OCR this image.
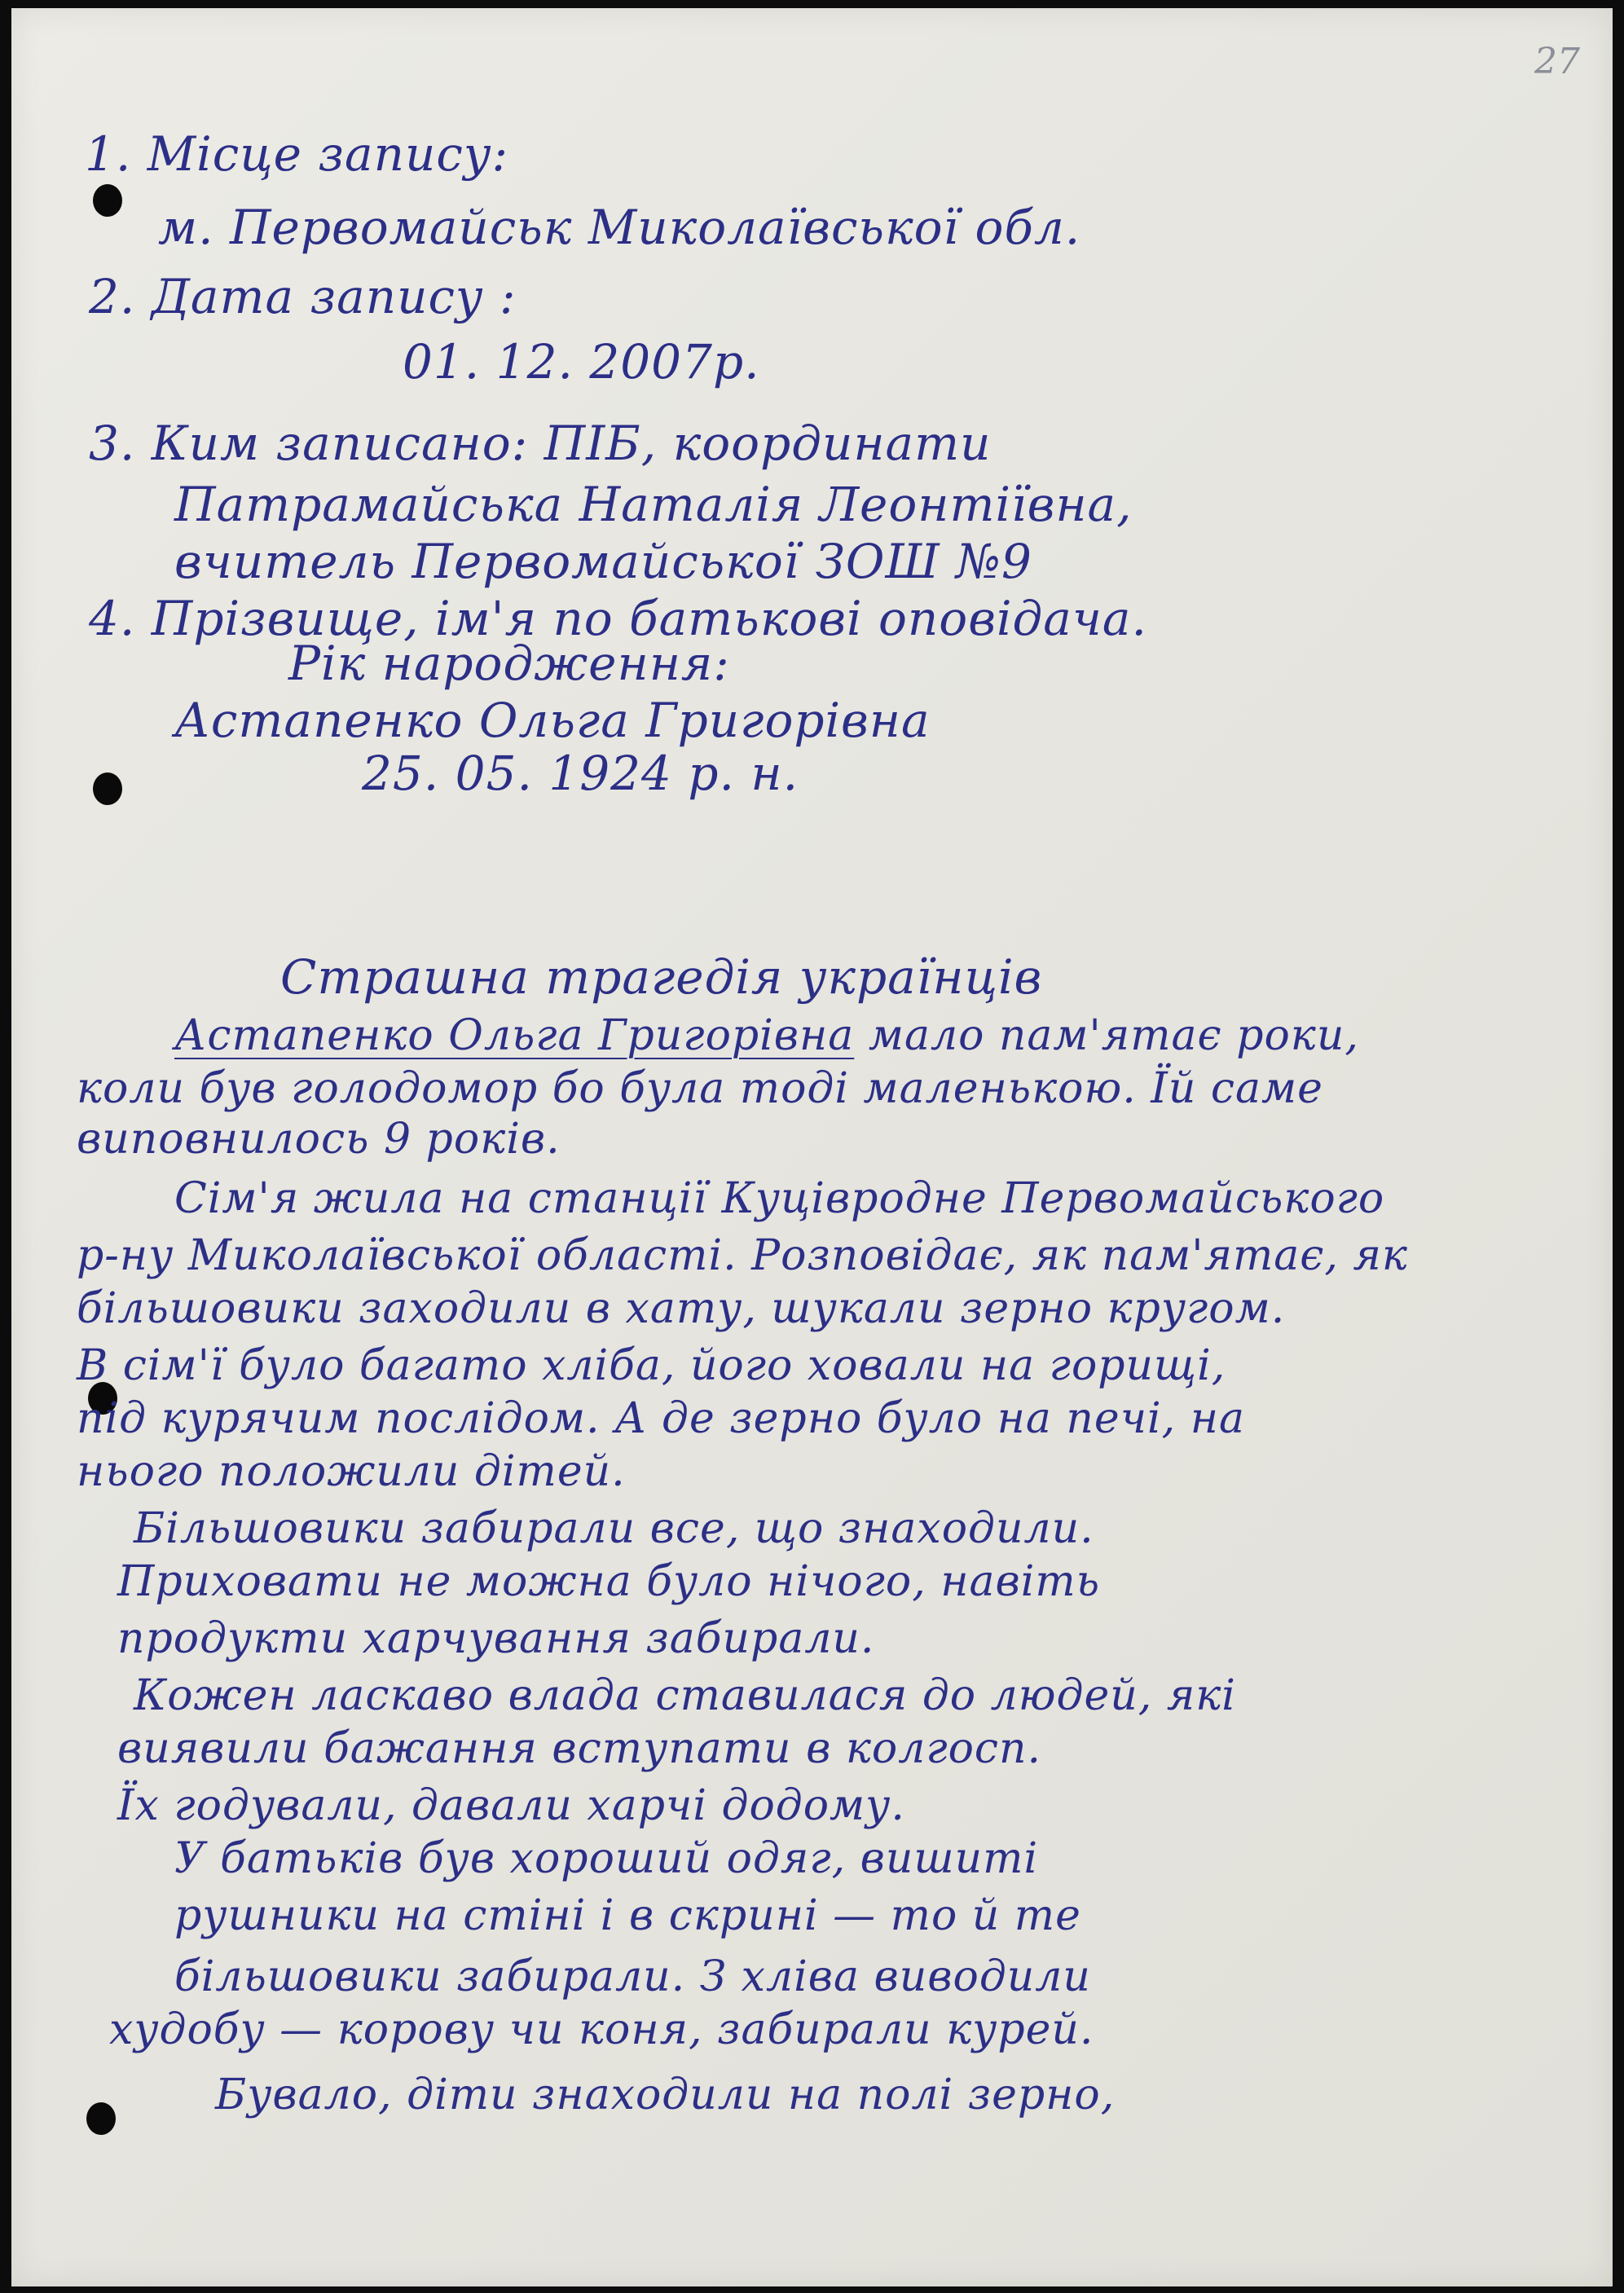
27
1. Місце запису:
м. Первомайськ Миколаївської обл.
2. Дата запису :
01. 12. 2007р.
3. Ким записано: ПІБ, координати
Патрамайська Наталія Леонтіївна,
вчитель Первомайської ЗОШ №9
4. Прізвище, ім'я по батькові оповідача.
Рік народження:
Астапенко Ольга Григорівна
25. 05. 1924 р. н.
Страшна трагедія українців
Астапенко Ольга Григорівна мало пам'ятає роки,
коли був голодомор бо була тоді маленькою. Їй саме
виповнилось 9 років.
Сім'я жила на станції Куцівродне Первомайського
р-ну Миколаївської області. Розповідає, як пам'ятає, як
більшовики заходили в хату, шукали зерно кругом.
В сім'ї було багато хліба, його ховали на горищі,
під курячим послідом. А де зерно було на печі, на
нього положили дітей.
Більшовики забирали все, що знаходили.
Приховати не можна було нічого, навіть
продукти харчування забирали.
Кожен ласкаво влада ставилася до людей, які
виявили бажання вступати в колгосп.
Їх годували, давали харчі додому.
У батьків був хороший одяг, вишиті
рушники на стіні і в скрині — то й те
більшовики забирали. З хліва виводили
худобу — корову чи коня, забирали курей.
Бувало, діти знаходили на полі зерно,
